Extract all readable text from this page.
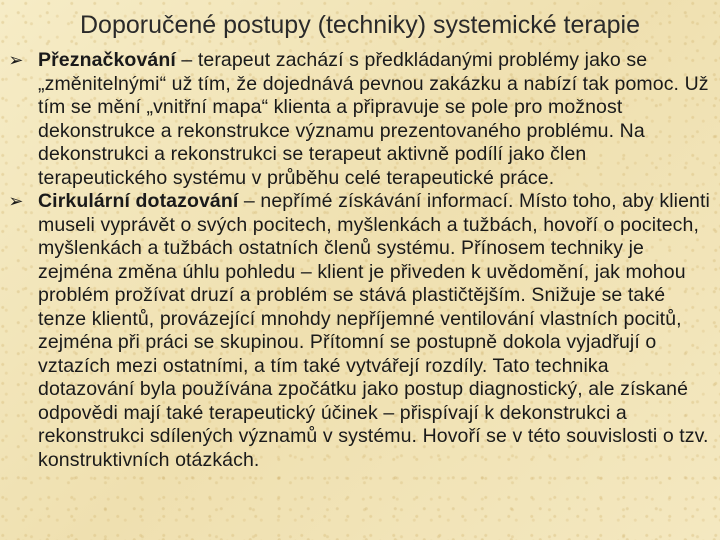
Doporučené postupy (techniky) systemické terapie
➢ Přeznačkování – terapeut zachází s předkládanými problémy jako se „změnitelnými“ už tím, že dojednává pevnou zakázku a nabízí tak pomoc. Už tím se mění „vnitřní mapa“ klienta a připravuje se pole pro možnost dekonstrukce a rekonstrukce významu prezentovaného problému. Na dekonstrukci a rekonstrukci se terapeut aktivně podílí jako člen terapeutického systému v průběhu celé terapeutické práce.
➢ Cirkulární dotazování – nepřímé získávání informací. Místo toho, aby klienti museli vyprávět o svých pocitech, myšlenkách a tužbách, hovoří o pocitech, myšlenkách a tužbách ostatních členů systému. Přínosem techniky je zejména změna úhlu pohledu – klient je přiveden k uvědomění, jak mohou problém prožívat druzí a problém se stává plastičtějším. Snižuje se také tenze klientů, provázející mnohdy nepříjemné ventilování vlastních pocitů, zejména při práci se skupinou. Přítomní se postupně dokola vyjadřují o vztazích mezi ostatními, a tím také vytvářejí rozdíly. Tato technika dotazování byla používána zpočátku jako postup diagnostický, ale získané odpovědi mají také terapeutický účinek – přispívají k dekonstrukci a rekonstrukci sdílených významů v systému. Hovoří se v této souvislosti o tzv. konstruktivních otázkách.
